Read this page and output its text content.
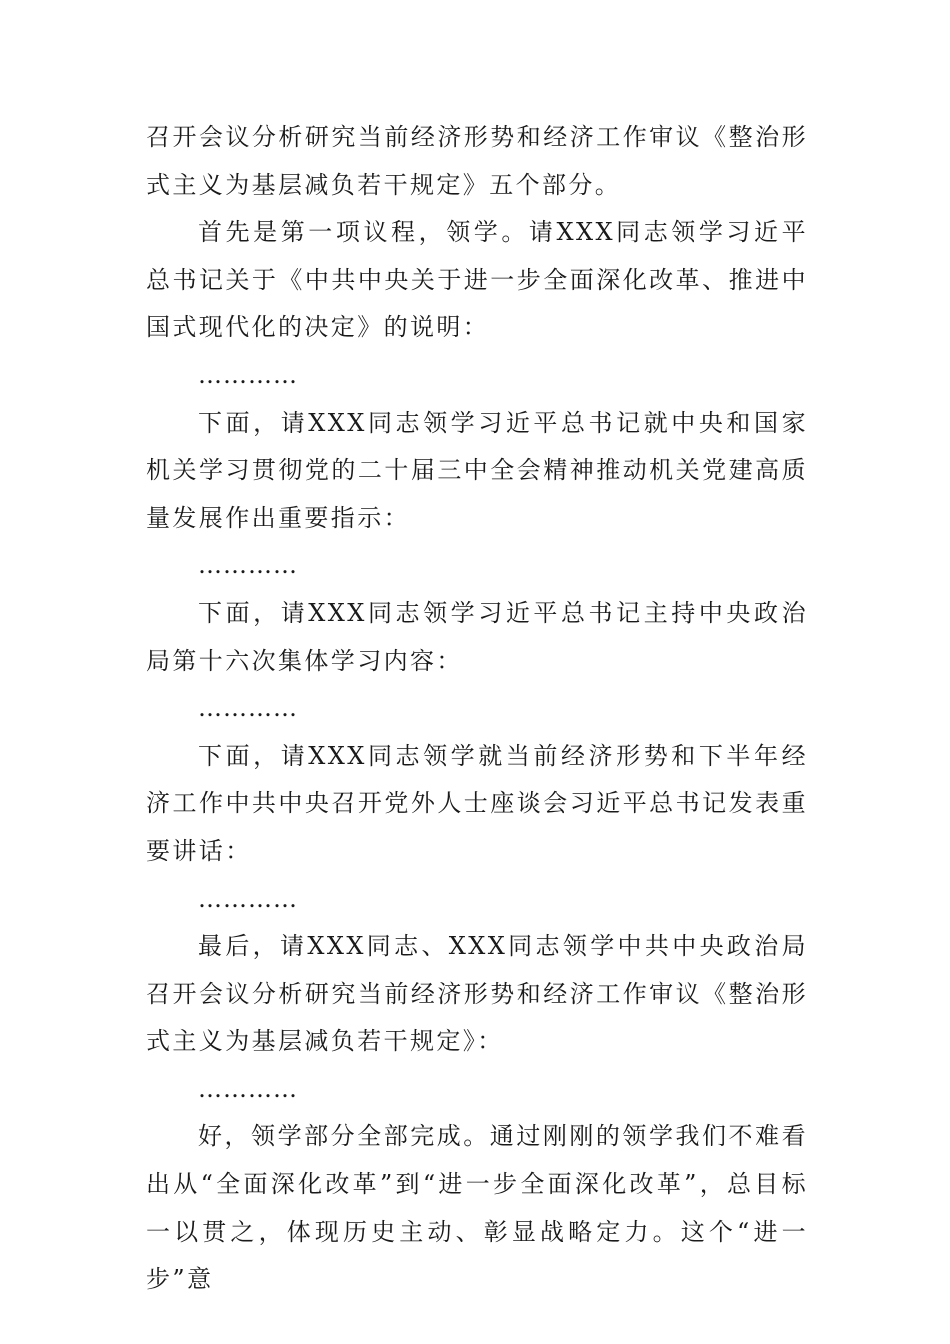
召开会议分析研究当前经济形势和经济工作审议《整治形式主义为基层减负若干规定》五个部分。

首先是第一项议程，领学。请XXX同志领学习近平总书记关于《中共中央关于进一步全面深化改革、推进中国式现代化的决定》的说明：

…………

下面，请XXX同志领学习近平总书记就中央和国家机关学习贯彻党的二十届三中全会精神推动机关党建高质量发展作出重要指示：

…………

下面，请XXX同志领学习近平总书记主持中央政治局第十六次集体学习内容：

…………

下面，请XXX同志领学就当前经济形势和下半年经济工作中共中央召开党外人士座谈会习近平总书记发表重要讲话：

…………

最后，请XXX同志、XXX同志领学中共中央政治局召开会议分析研究当前经济形势和经济工作审议《整治形式主义为基层减负若干规定》：

…………

好，领学部分全部完成。通过刚刚的领学我们不难看出从“全面深化改革”到“进一步全面深化改革”，总目标一以贯之，体现历史主动、彰显战略定力。这个“进一步”意
